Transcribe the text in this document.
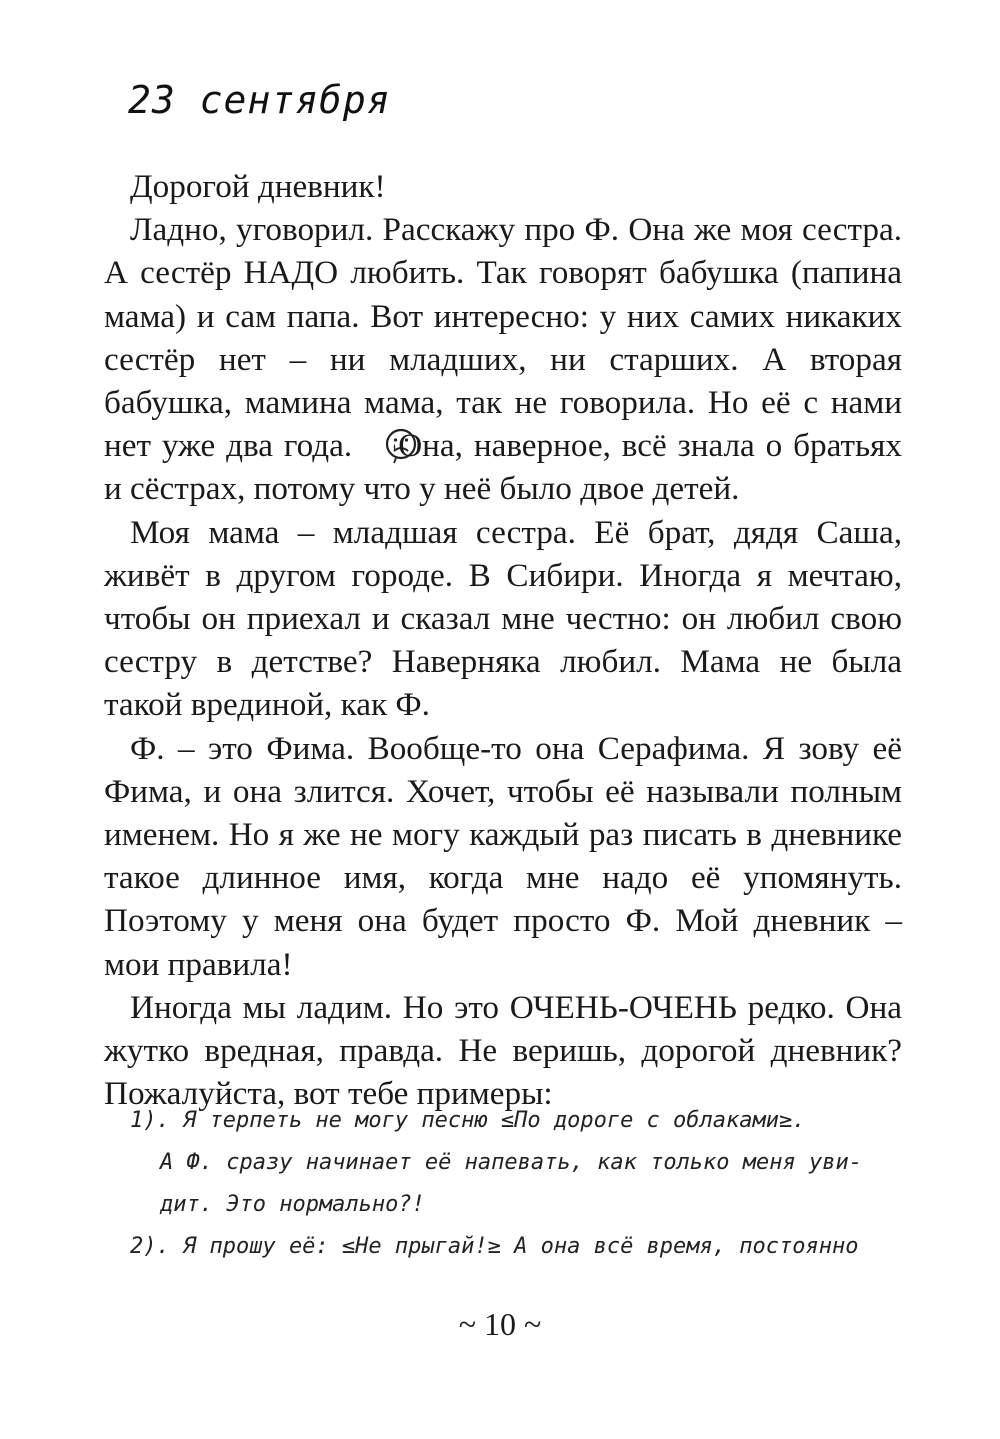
23 сентября

Дорогой дневник!

Ладно, уговорил. Расскажу про Ф. Она же моя сестра. А сестёр НАДО любить. Так говорят бабушка (папина мама) и сам папа. Вот интересно: у них самих никаких сестёр нет – ни младших, ни старших. А вторая бабушка, мамина мама, так не говорила. Но её с нами нет уже два года. Она, наверное, всё знала о братьях и сёстрах, потому что у неё было двое детей.

Моя мама – младшая сестра. Её брат, дядя Саша, живёт в другом городе. В Сибири. Иногда я мечтаю, чтобы он приехал и сказал мне честно: он любил свою сестру в детстве? Наверняка любил. Мама не была такой врединой, как Ф.

Ф. – это Фима. Вообще-то она Серафима. Я зову её Фима, и она злится. Хочет, чтобы её называли полным именем. Но я же не могу каждый раз писать в дневнике такое длинное имя, когда мне надо её упомянуть. Поэтому у меня она будет просто Ф. Мой дневник – мои правила!

Иногда мы ладим. Но это ОЧЕНЬ-ОЧЕНЬ редко. Она жутко вредная, правда. Не веришь, дорогой дневник? Пожалуйста, вот тебе примеры:

1). Я терпеть не могу песню ≤По дороге с облаками≥.
А Ф. сразу начинает её напевать, как только меня уви-
дит. Это нормально?!
2). Я прошу её: ≤Не прыгай!≥ А она всё время, постоянно
~ 10 ~
